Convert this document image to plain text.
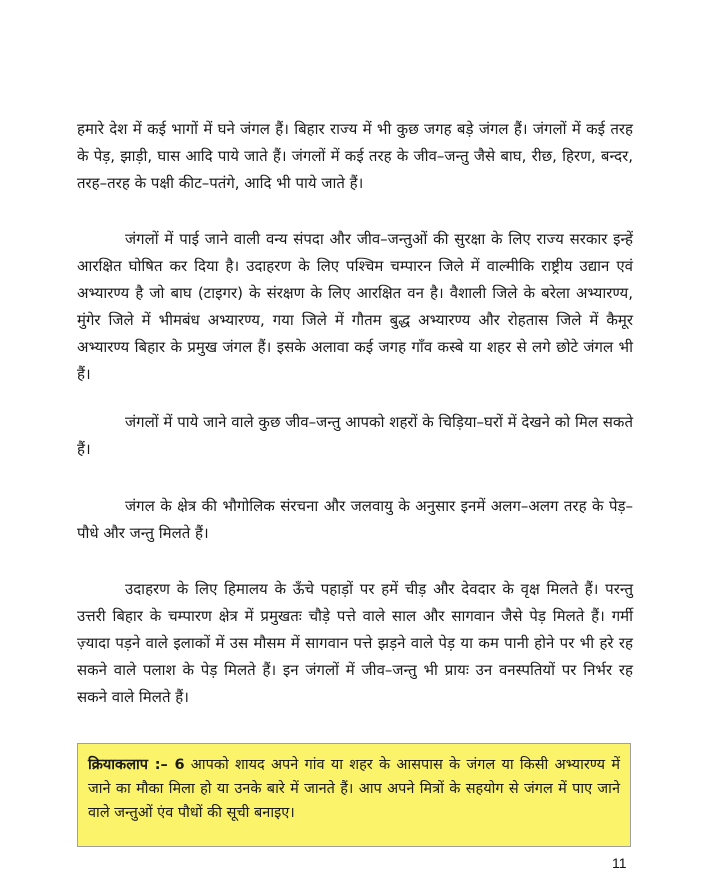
हमारे देश में कई भागों में घने जंगल हैं। बिहार राज्य में भी कुछ जगह बड़े जंगल हैं। जंगलों में कई तरह के पेड़, झाड़ी, घास आदि पाये जाते हैं। जंगलों में कई तरह के जीव–जन्तु जैसे बाघ, रीछ, हिरण, बन्दर, तरह–तरह के पक्षी कीट–पतंगे, आदि भी पाये जाते हैं।

जंगलों में पाई जाने वाली वन्य संपदा और जीव–जन्तुओं की सुरक्षा के लिए राज्य सरकार इन्हें आरक्षित घोषित कर दिया है। उदाहरण के लिए पश्चिम चम्पारन जिले में वाल्मीकि राष्ट्रीय उद्यान एवं अभ्यारण्य है जो बाघ (टाइगर) के संरक्षण के लिए आरक्षित वन है। वैशाली जिले के बरेला अभ्यारण्य, मुंगेर जिले में भीमबंध अभ्यारण्य, गया जिले में गौतम बुद्ध अभ्यारण्य और रोहतास जिले में कैमूर अभ्यारण्य बिहार के प्रमुख जंगल हैं। इसके अलावा कई जगह गाँव कस्बे या शहर से लगे छोटे जंगल भी हैं।

जंगलों में पाये जाने वाले कुछ जीव–जन्तु आपको शहरों के चिड़िया–घरों में देखने को मिल सकते हैं।

जंगल के क्षेत्र की भौगोलिक संरचना और जलवायु के अनुसार इनमें अलग–अलग तरह के पेड़–पौधे और जन्तु मिलते हैं।

उदाहरण के लिए हिमालय के ऊँचे पहाड़ों पर हमें चीड़ और देवदार के वृक्ष मिलते हैं। परन्तु उत्तरी बिहार के चम्पारण क्षेत्र में प्रमुखतः चौड़े पत्ते वाले साल और सागवान जैसे पेड़ मिलते हैं। गर्मी ज़्यादा पड़ने वाले इलाकों में उस मौसम में सागवान पत्ते झड़ने वाले पेड़ या कम पानी होने पर भी हरे रह सकने वाले पलाश के पेड़ मिलते हैं। इन जंगलों में जीव–जन्तु भी प्रायः उन वनस्पतियों पर निर्भर रह सकने वाले मिलते हैं।

क्रियाकलाप :– 6 आपको शायद अपने गांव या शहर के आसपास के जंगल या किसी अभ्यारण्य में जाने का मौका मिला हो या उनके बारे में जानते हैं। आप अपने मित्रों के सहयोग से जंगल में पाए जाने वाले जन्तुओं एंव पौधों की सूची बनाइए।
11
